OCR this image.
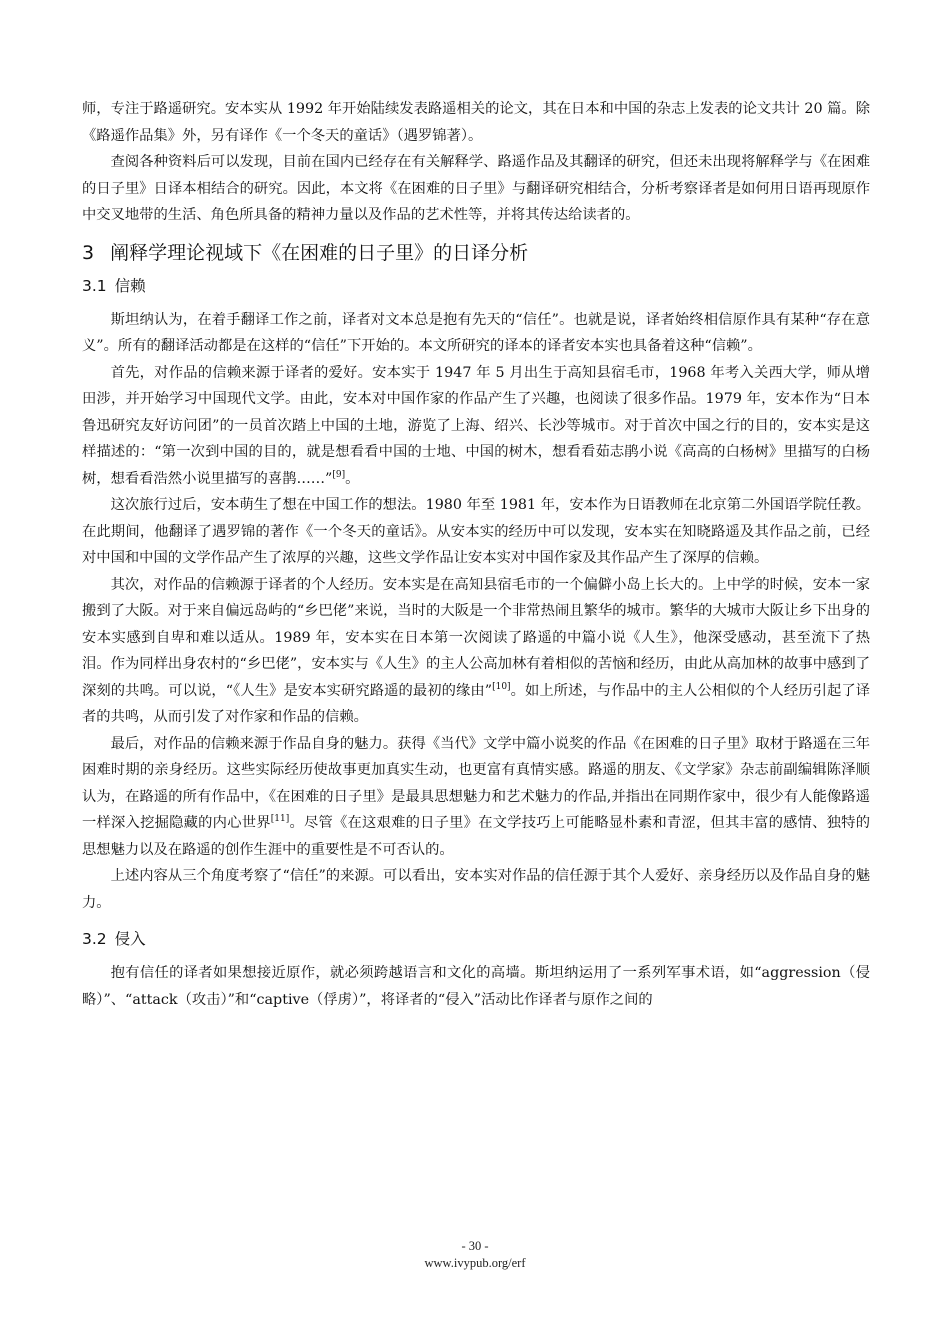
师，专注于路遥研究。安本实从 1992 年开始陆续发表路遥相关的论文，其在日本和中国的杂志上发表的论文共计 20 篇。除《路遥作品集》外，另有译作《一个冬天的童话》（遇罗锦著）。

查阅各种资料后可以发现，目前在国内已经存在有关解释学、路遥作品及其翻译的研究，但还未出现将解释学与《在困难的日子里》日译本相结合的研究。因此，本文将《在困难的日子里》与翻译研究相结合，分析考察译者是如何用日语再现原作中交叉地带的生活、角色所具备的精神力量以及作品的艺术性等，并将其传达给读者的。

3 阐释学理论视域下《在困难的日子里》的日译分析
3.1 信赖

斯坦纳认为，在着手翻译工作之前，译者对文本总是抱有先天的“信任”。也就是说，译者始终相信原作具有某种“存在意义”。所有的翻译活动都是在这样的“信任”下开始的。本文所研究的译本的译者安本实也具备着这种“信赖”。

首先，对作品的信赖来源于译者的爱好。安本实于 1947 年 5 月出生于高知县宿毛市，1968 年考入关西大学，师从增田涉，并开始学习中国现代文学。由此，安本对中国作家的作品产生了兴趣，也阅读了很多作品。1979 年，安本作为“日本鲁迅研究友好访问团”的一员首次踏上中国的土地，游览了上海、绍兴、长沙等城市。对于首次中国之行的目的，安本实是这样描述的：“第一次到中国的目的，就是想看看中国的士地、中国的树木，想看看茹志鹃小说《高高的白杨树》里描写的白杨树，想看看浩然小说里描写的喜鹊……”[9]。

这次旅行过后，安本萌生了想在中国工作的想法。1980 年至 1981 年，安本作为日语教师在北京第二外国语学院任教。在此期间，他翻译了遇罗锦的著作《一个冬天的童话》。从安本实的经历中可以发现，安本实在知晓路遥及其作品之前，已经对中国和中国的文学作品产生了浓厚的兴趣，这些文学作品让安本实对中国作家及其作品产生了深厚的信赖。

其次，对作品的信赖源于译者的个人经历。安本实是在高知县宿毛市的一个偏僻小岛上长大的。上中学的时候，安本一家搬到了大阪。对于来自偏远岛屿的“乡巴佬”来说，当时的大阪是一个非常热闹且繁华的城市。繁华的大城市大阪让乡下出身的安本实感到自卑和难以适从。1989 年，安本实在日本第一次阅读了路遥的中篇小说《人生》，他深受感动，甚至流下了热泪。作为同样出身农村的“乡巴佬”，安本实与《人生》的主人公高加林有着相似的苦恼和经历，由此从高加林的故事中感到了深刻的共鸣。可以说，“《人生》是安本实研究路遥的最初的缘由”[10]。如上所述，与作品中的主人公相似的个人经历引起了译者的共鸣，从而引发了对作家和作品的信赖。

最后，对作品的信赖来源于作品自身的魅力。获得《当代》文学中篇小说奖的作品《在困难的日子里》取材于路遥在三年困难时期的亲身经历。这些实际经历使故事更加真实生动，也更富有真情实感。路遥的朋友、《文学家》杂志前副编辑陈泽顺认为，在路遥的所有作品中，《在困难的日子里》是最具思想魅力和艺术魅力的作品,并指出在同期作家中，很少有人能像路遥一样深入挖掘隐藏的内心世界[11]。尽管《在这艰难的日子里》在文学技巧上可能略显朴素和青涩，但其丰富的感情、独特的思想魅力以及在路遥的创作生涯中的重要性是不可否认的。

上述内容从三个角度考察了“信任”的来源。可以看出，安本实对作品的信任源于其个人爱好、亲身经历以及作品自身的魅力。

3.2 侵入

抱有信任的译者如果想接近原作，就必须跨越语言和文化的高墙。斯坦纳运用了一系列军事术语，如“aggression（侵略）”、“attack（攻击）”和“captive（俘虏）”，将译者的“侵入”活动比作译者与原作之间的

- 30 -
www.ivypub.org/erf
